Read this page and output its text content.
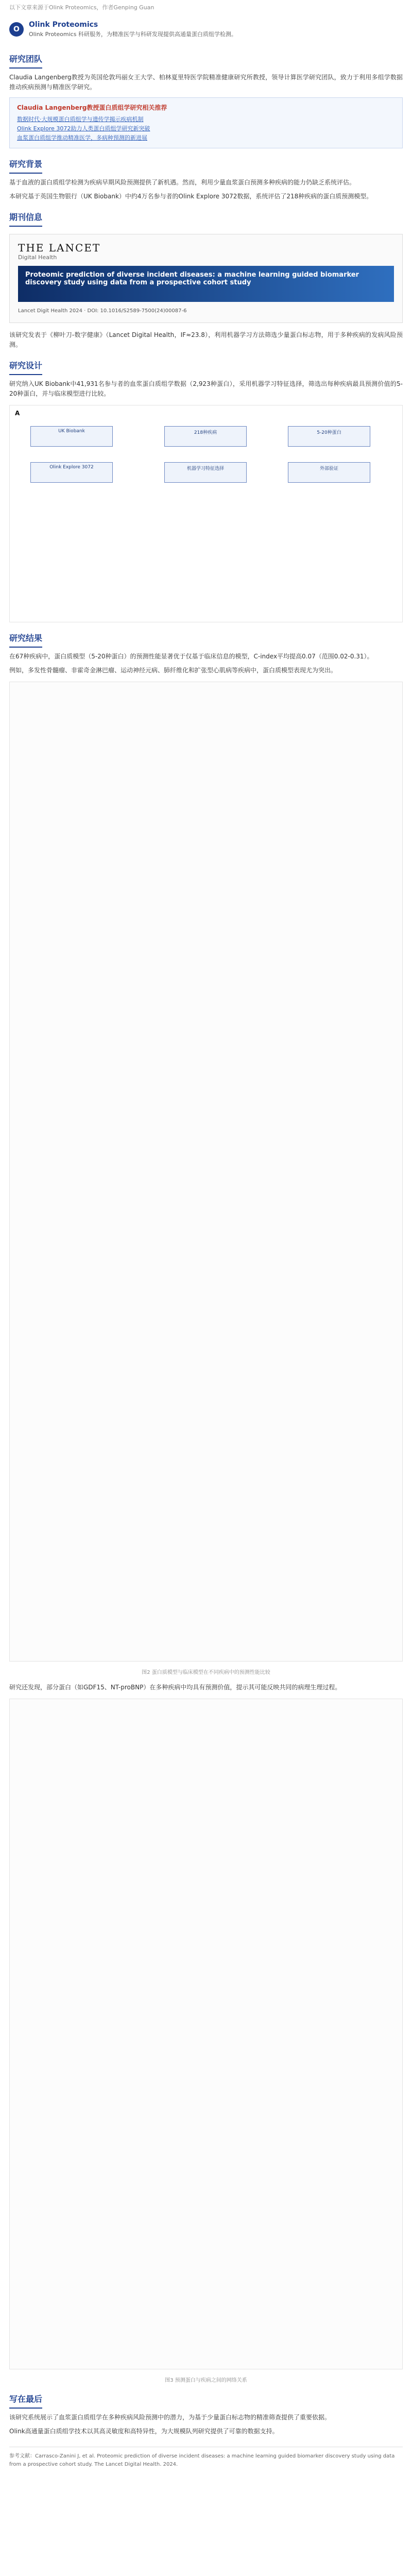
以下文章来源于Olink Proteomics，作者Genping Guan
O
Olink Proteomics
Olink Proteomics 科研服务，为精准医学与科研发现提供高通量蛋白质组学检测。
研究团队

Claudia Langenberg教授为英国伦敦玛丽女王大学、柏林夏里特医学院精准健康研究所教授，领导计算医学研究团队，致力于利用多组学数据推动疾病预测与精准医学研究。

Claudia Langenberg教授蛋白质组学研究相关推荐
数据时代·大规模蛋白质组学与遗传学揭示疾病机制
Olink Explore 3072助力人类蛋白质组学研究新突破
血浆蛋白质组学推动精准医学，多病种预测的新进展
研究背景

基于血液的蛋白质组学检测为疾病早期风险预测提供了新机遇。然而，利用少量血浆蛋白预测多种疾病的能力仍缺乏系统评估。

本研究基于英国生物银行（UK Biobank）中约4万名参与者的Olink Explore 3072数据，系统评估了218种疾病的蛋白质预测模型。

期刊信息
THE LANCET
Digital Health
Proteomic prediction of diverse incident diseases: a machine learning guided biomarker discovery study using data from a prospective cohort study
Lancet Digit Health 2024 · DOI: 10.1016/S2589-7500(24)00087-6

该研究发表于《柳叶刀-数字健康》（Lancet Digital Health，IF≈23.8），利用机器学习方法筛选少量蛋白标志物，用于多种疾病的发病风险预测。

研究设计

研究纳入UK Biobank中41,931名参与者的血浆蛋白质组学数据（2,923种蛋白），采用机器学习特征选择，筛选出每种疾病最具预测价值的5-20种蛋白，并与临床模型进行比较。

A
UK Biobank
Olink Explore 3072
218种疾病
机器学习特征选择
5-20种蛋白
外部验证
研究结果

在67种疾病中，蛋白质模型（5-20种蛋白）的预测性能显著优于仅基于临床信息的模型，C-index平均提高0.07（范围0.02-0.31）。

例如，多发性骨髓瘤、非霍奇金淋巴瘤、运动神经元病、肺纤维化和扩张型心肌病等疾病中，蛋白质模型表现尤为突出。

图2 蛋白质模型与临床模型在不同疾病中的预测性能比较

研究还发现，部分蛋白（如GDF15、NT-proBNP）在多种疾病中均具有预测价值，提示其可能反映共同的病理生理过程。

图3 预测蛋白与疾病之间的网络关系
写在最后

该研究系统展示了血浆蛋白质组学在多种疾病风险预测中的潜力，为基于少量蛋白标志物的精准筛查提供了重要依据。

Olink高通量蛋白质组学技术以其高灵敏度和高特异性，为大规模队列研究提供了可靠的数据支持。

参考文献：Carrasco-Zanini J, et al. Proteomic prediction of diverse incident diseases: a machine learning guided biomarker discovery study using data from a prospective cohort study. The Lancet Digital Health. 2024.
